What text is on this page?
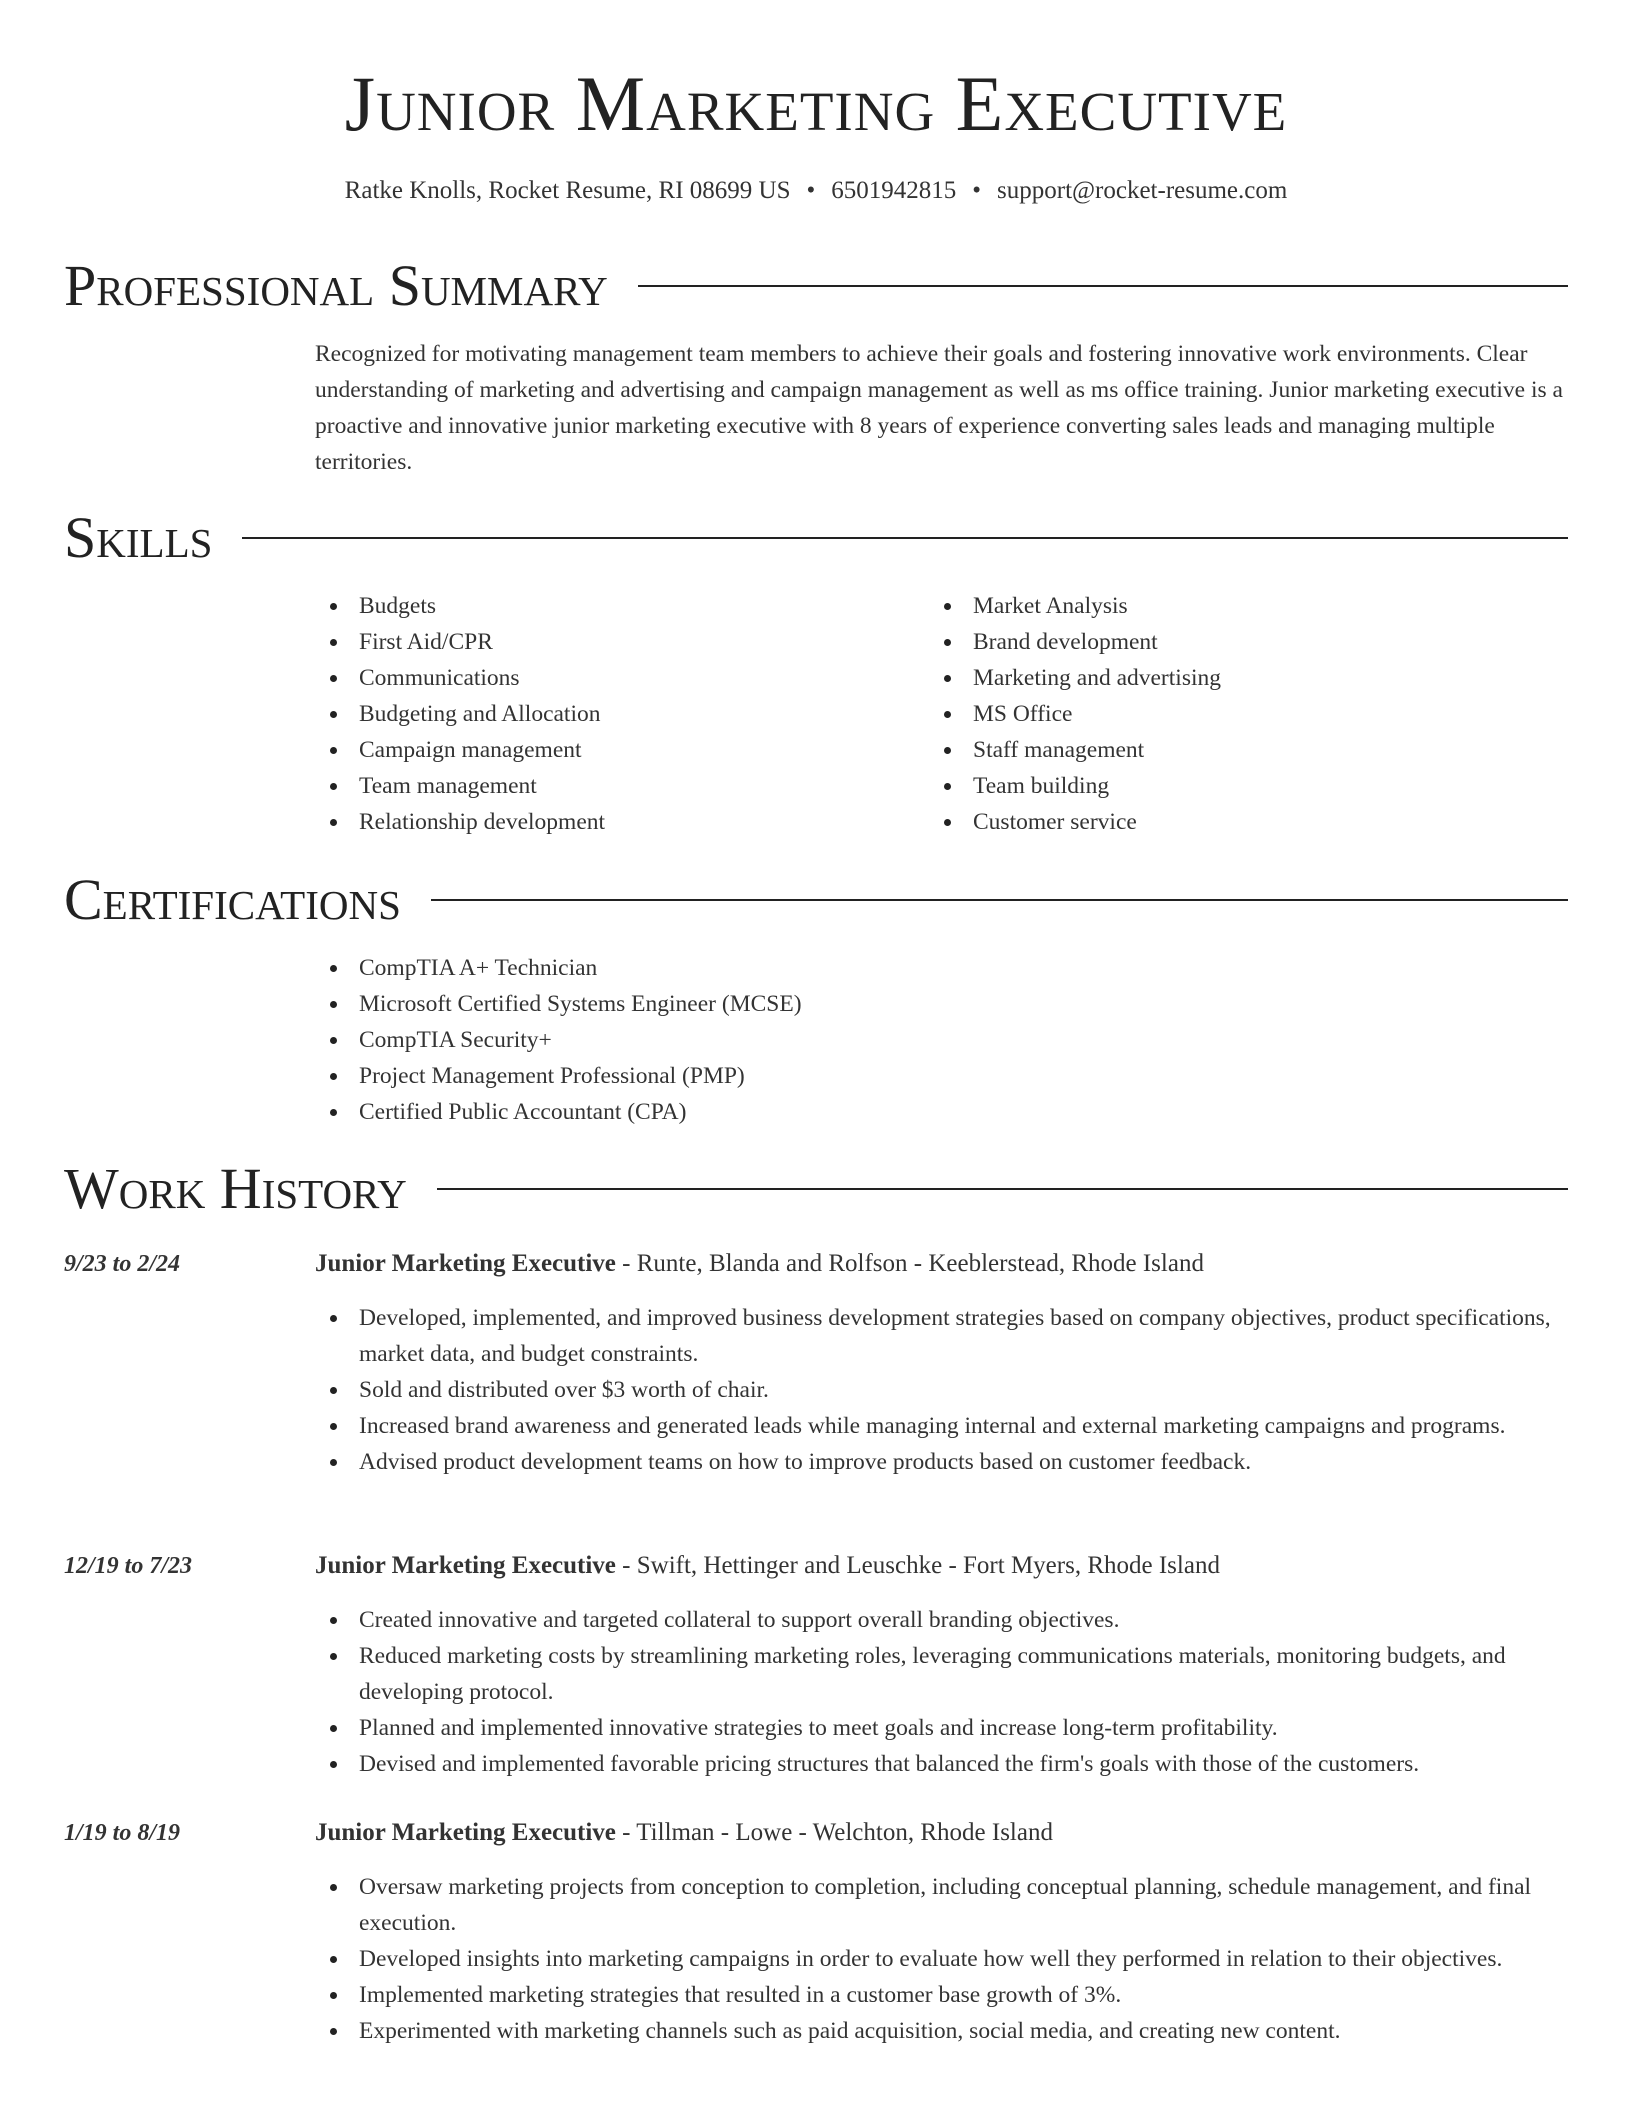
Junior Marketing Executive
Ratke Knolls, Rocket Resume, RI 08699 US • 6501942815 • support@rocket-resume.com
Professional Summary
Recognized for motivating management team members to achieve their goals and fostering innovative work environments. Clear understanding of marketing and advertising and campaign management as well as ms office training. Junior marketing executive is a proactive and innovative junior marketing executive with 8 years of experience converting sales leads and managing multiple territories.
Skills
Budgets
First Aid/CPR
Communications
Budgeting and Allocation
Campaign management
Team management
Relationship development
Market Analysis
Brand development
Marketing and advertising
MS Office
Staff management
Team building
Customer service
Certifications
CompTIA A+ Technician
Microsoft Certified Systems Engineer (MCSE)
CompTIA Security+
Project Management Professional (PMP)
Certified Public Accountant (CPA)
Work History
9/23 to 2/24	Junior Marketing Executive - Runte, Blanda and Rolfson - Keeblerstead, Rhode Island
Developed, implemented, and improved business development strategies based on company objectives, product specifications, market data, and budget constraints.
Sold and distributed over $3 worth of chair.
Increased brand awareness and generated leads while managing internal and external marketing campaigns and programs.
Advised product development teams on how to improve products based on customer feedback.
12/19 to 7/23	Junior Marketing Executive - Swift, Hettinger and Leuschke - Fort Myers, Rhode Island
Created innovative and targeted collateral to support overall branding objectives.
Reduced marketing costs by streamlining marketing roles, leveraging communications materials, monitoring budgets, and developing protocol.
Planned and implemented innovative strategies to meet goals and increase long-term profitability.
Devised and implemented favorable pricing structures that balanced the firm's goals with those of the customers.
1/19 to 8/19	Junior Marketing Executive - Tillman - Lowe - Welchton, Rhode Island
Oversaw marketing projects from conception to completion, including conceptual planning, schedule management, and final execution.
Developed insights into marketing campaigns in order to evaluate how well they performed in relation to their objectives.
Implemented marketing strategies that resulted in a customer base growth of 3%.
Experimented with marketing channels such as paid acquisition, social media, and creating new content.
